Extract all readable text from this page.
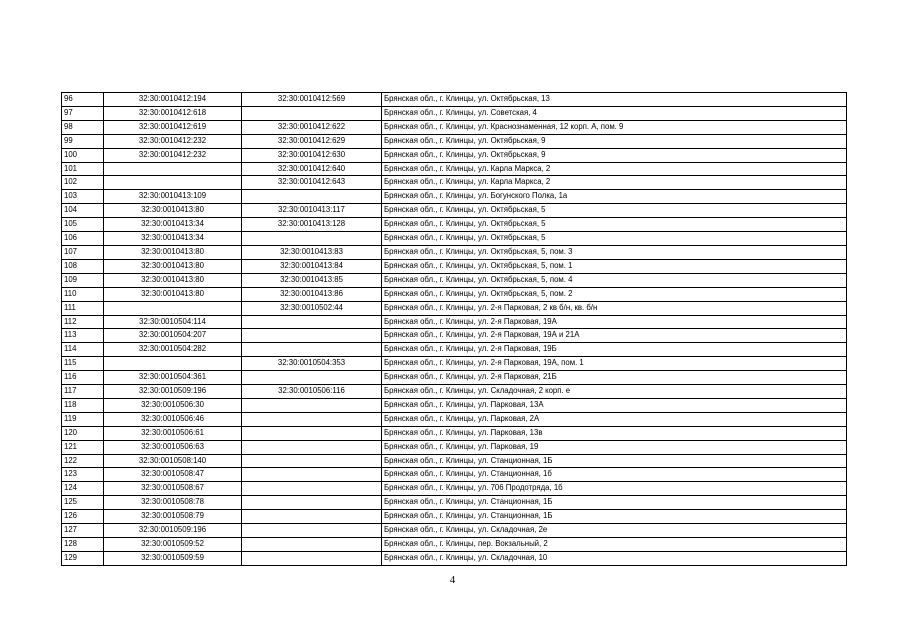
96	32:30:0010412:194	32:30:0010412:569	Брянская обл., г. Клинцы, ул. Октябрьская, 13
97	32:30:0010412:618		Брянская обл., г. Клинцы, ул. Советская, 4
98	32:30:0010412:619	32:30:0010412:622	Брянская обл., г. Клинцы, ул. Краснознаменная, 12 корп. А, пом. 9
99	32:30:0010412:232	32:30:0010412:629	Брянская обл., г. Клинцы, ул. Октябрьская, 9
100	32:30:0010412:232	32:30:0010412:630	Брянская обл., г. Клинцы, ул. Октябрьская, 9
101		32:30:0010412:640	Брянская обл., г. Клинцы, ул. Карла Маркса, 2
102		32:30:0010412:643	Брянская обл., г. Клинцы, ул. Карла Маркса, 2
103	32:30:0010413:109		Брянская обл., г. Клинцы, ул. Богунского Полка, 1а
104	32:30:0010413:80	32:30:0010413:117	Брянская обл., г. Клинцы, ул. Октябрьская, 5
105	32:30:0010413:34	32:30:0010413:128	Брянская обл., г. Клинцы, ул. Октябрьская, 5
106	32:30:0010413:34		Брянская обл., г. Клинцы, ул. Октябрьская, 5
107	32:30:0010413:80	32:30:0010413:83	Брянская обл., г. Клинцы, ул. Октябрьская, 5, пом. 3
108	32:30:0010413:80	32:30:0010413:84	Брянская обл., г. Клинцы, ул. Октябрьская, 5, пом. 1
109	32:30:0010413:80	32:30:0010413:85	Брянская обл., г. Клинцы, ул. Октябрьская, 5, пом. 4
110	32:30:0010413:80	32:30:0010413:86	Брянская обл., г. Клинцы, ул. Октябрьская, 5, пом. 2
111		32:30:0010502:44	Брянская обл., г. Клинцы, ул. 2-я Парковая, 2 кв б/н, кв. б/н
112	32:30:0010504:114		Брянская обл., г. Клинцы, ул. 2-я Парковая, 19А
113	32:30:0010504:207		Брянская обл., г. Клинцы, ул. 2-я Парковая, 19А и 21А
114	32:30:0010504:282		Брянская обл., г. Клинцы, ул. 2-я Парковая, 19Б
115		32:30:0010504:353	Брянская обл., г. Клинцы, ул. 2-я Парковая, 19А, пом. 1
116	32:30:0010504:361		Брянская обл., г. Клинцы, ул. 2-я Парковая, 21Б
117	32:30:0010509:196	32:30:0010506:116	Брянская обл., г. Клинцы, ул. Складочная, 2 корп. е
118	32:30:0010506:30		Брянская обл., г. Клинцы, ул. Парковая, 13А
119	32:30:0010506:46		Брянская обл., г. Клинцы, ул. Парковая, 2А
120	32:30:0010506:61		Брянская обл., г. Клинцы, ул. Парковая, 13в
121	32:30:0010506:63		Брянская обл., г. Клинцы, ул. Парковая, 19
122	32:30:0010508:140		Брянская обл., г. Клинцы, ул. Станционная, 1Б
123	32:30:0010508:47		Брянская обл., г. Клинцы, ул. Станционная, 1б
124	32:30:0010508:67		Брянская обл., г. Клинцы, ул. 706 Продотряда, 1б
125	32:30:0010508:78		Брянская обл., г. Клинцы, ул. Станционная, 1Б
126	32:30:0010508:79		Брянская обл., г. Клинцы, ул. Станционная, 1Б
127	32:30:0010509:196		Брянская обл., г. Клинцы, ул. Складочная, 2е
128	32:30:0010509:52		Брянская обл., г. Клинцы, пер. Вокзальный, 2
129	32:30:0010509:59		Брянская обл., г. Клинцы, ул. Складочная, 10
4
